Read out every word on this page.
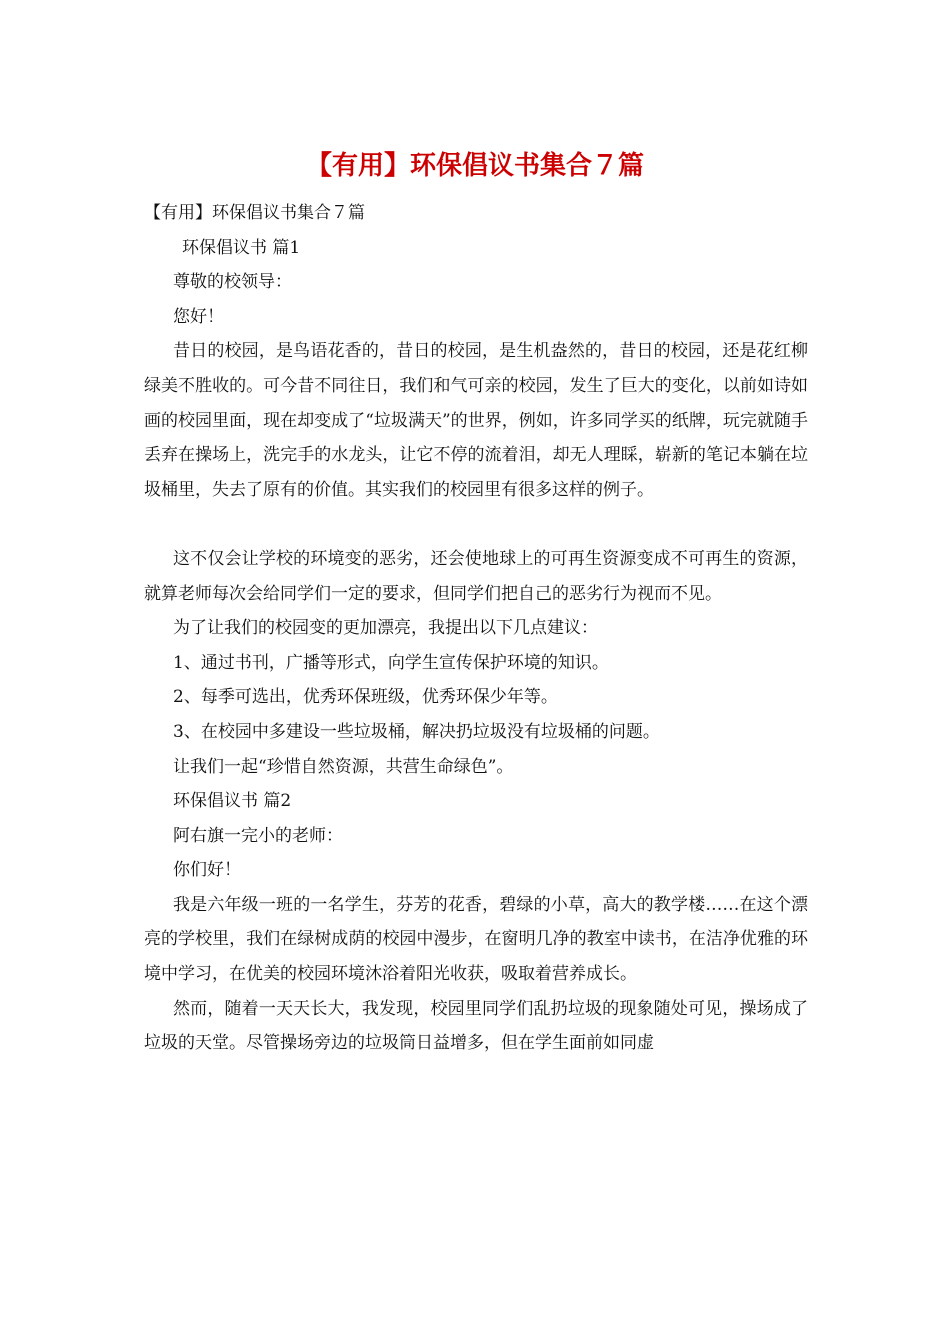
【有用】环保倡议书集合７篇

【有用】环保倡议书集合７篇

环保倡议书 篇1

尊敬的校领导：

您好！

昔日的校园，是鸟语花香的，昔日的校园，是生机盎然的，昔日的校园，还是花红柳绿美不胜收的。可今昔不同往日，我们和气可亲的校园，发生了巨大的变化，以前如诗如画的校园里面，现在却变成了“垃圾满天”的世界，例如，许多同学买的纸牌，玩完就随手丢弃在操场上，洗完手的水龙头，让它不停的流着泪，却无人理睬，崭新的笔记本躺在垃圾桶里，失去了原有的价值。其实我们的校园里有很多这样的例子。

这不仅会让学校的环境变的恶劣，还会使地球上的可再生资源变成不可再生的资源，就算老师每次会给同学们一定的要求，但同学们把自己的恶劣行为视而不见。

为了让我们的校园变的更加漂亮，我提出以下几点建议：

1、通过书刊，广播等形式，向学生宣传保护环境的知识。

2、每季可选出，优秀环保班级，优秀环保少年等。

3、在校园中多建设一些垃圾桶，解决扔垃圾没有垃圾桶的问题。

让我们一起“珍惜自然资源，共营生命绿色”。

环保倡议书 篇2

阿右旗一完小的老师：

你们好！

我是六年级一班的一名学生，芬芳的花香，碧绿的小草，高大的教学楼……在这个漂亮的学校里，我们在绿树成荫的校园中漫步，在窗明几净的教室中读书，在洁净优雅的环境中学习，在优美的校园环境沐浴着阳光收获，吸取着营养成长。

然而，随着一天天长大，我发现，校园里同学们乱扔垃圾的现象随处可见，操场成了垃圾的天堂。尽管操场旁边的垃圾筒日益增多，但在学生面前如同虚
